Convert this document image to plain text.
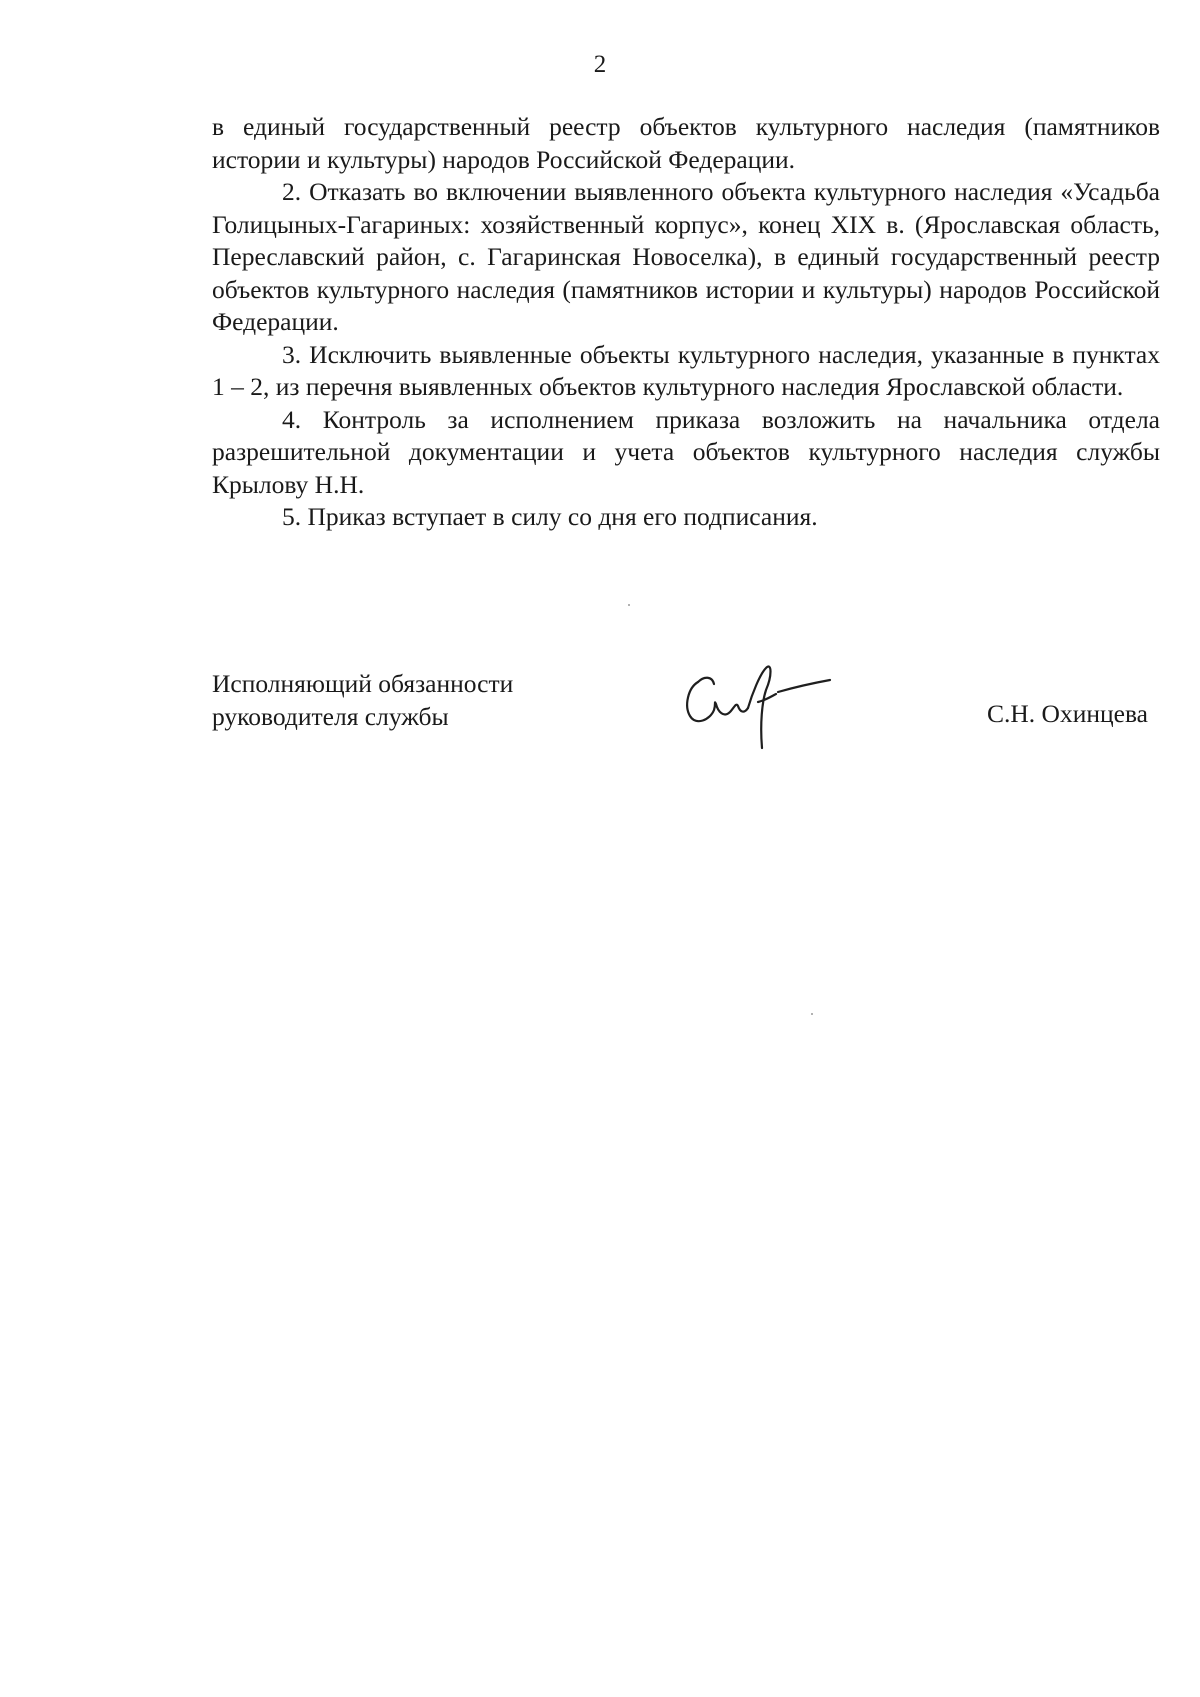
2

в единый государственный реестр объектов культурного наследия (памятников истории и культуры) народов Российской Федерации.

2. Отказать во включении выявленного объекта культурного наследия «Усадьба Голицыных-Гагариных: хозяйственный корпус», конец XIX в. (Ярославская область, Переславский район, с. Гагаринская Новоселка), в единый государственный реестр объектов культурного наследия (памятников истории и культуры) народов Российской Федерации.

3. Исключить выявленные объекты культурного наследия, указанные в пунктах 1 – 2, из перечня выявленных объектов культурного наследия Ярославской области.

4. Контроль за исполнением приказа возложить на начальника отдела разрешительной документации и учета объектов культурного наследия службы Крылову Н.Н.

5. Приказ вступает в силу со дня его подписания.

Исполняющий обязанности
руководителя службы	С.Н. Охинцева
